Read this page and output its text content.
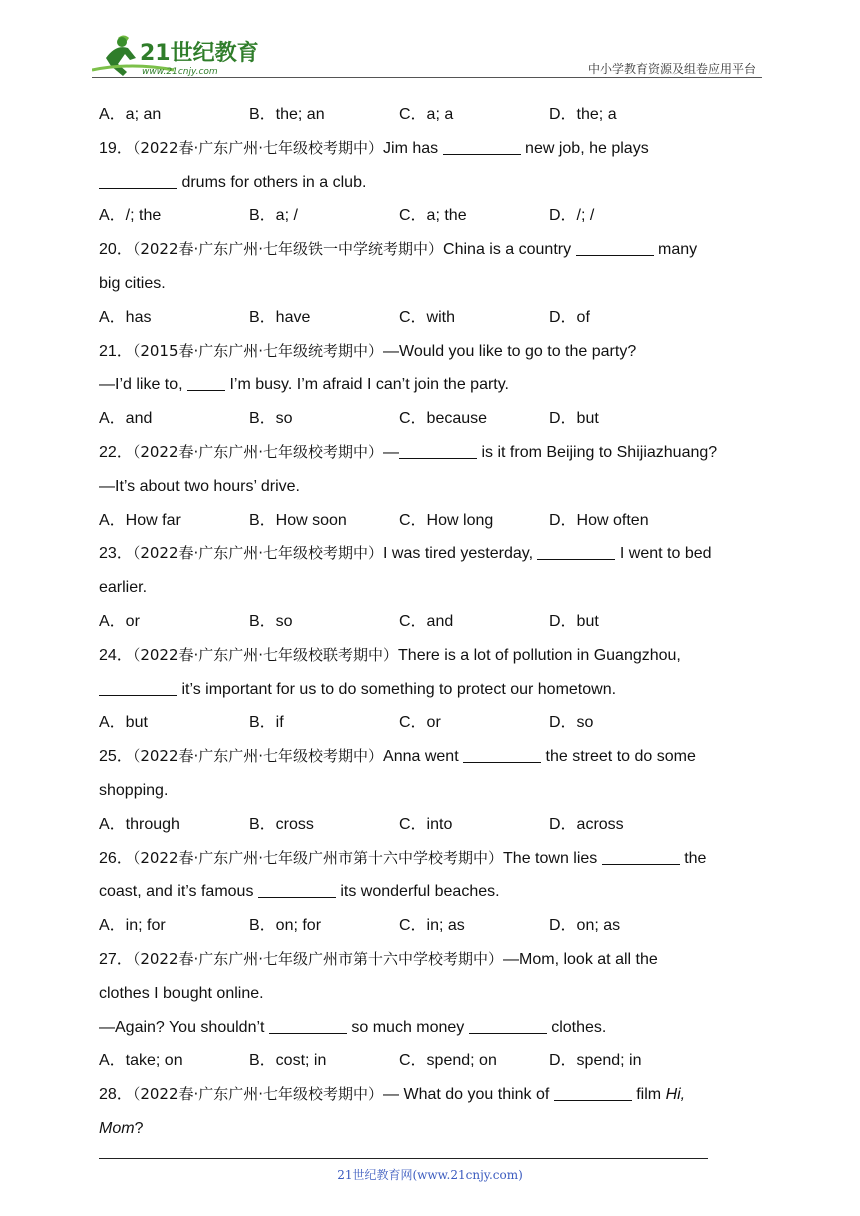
21世纪教育
www.21cnjy.com	中小学教育资源及组卷应用平台
A．a; an	B．the; an	C．a; a	D．the; a
19．（2022春·广东广州·七年级校考期中）Jim has	new job, he plays
drums for others in a club.
A．/; the	B．a; /	C．a; the	D．/; /
20．（2022春·广东广州·七年级铁一中学统考期中）China is a country	many
big cities.
A．has	B．have	C．with	D．of
21．（2015春·广东广州·七年级统考期中）—Would you like to go to the party?
—I’d like to,  I’m busy. I’m afraid I can’t join the party.
A．and	B．so	C．because	D．but
22．（2022春·广东广州·七年级校考期中）—	is it from Beijing to Shijiazhuang?
—It’s about two hours’ drive.
A．How far	B．How soon	C．How long	D．How often
23．（2022春·广东广州·七年级校考期中）I was tired yesterday,	I went to bed
earlier.
A．or	B．so	C．and	D．but
24．（2022春·广东广州·七年级校联考期中）There is a lot of pollution in Guangzhou,
it’s important for us to do something to protect our hometown.
A．but	B．if	C．or	D．so
25．（2022春·广东广州·七年级校考期中）Anna went	the street to do some
shopping.
A．through	B．cross	C．into	D．across
26．（2022春·广东广州·七年级广州市第十六中学校考期中）The town lies	the
coast, and it’s famous	its wonderful beaches.
A．in; for	B．on; for	C．in; as	D．on; as
27．（2022春·广东广州·七年级广州市第十六中学校考期中）—Mom, look at all the
clothes I bought online.
—Again? You shouldn’t	so much money	clothes.
A．take; on	B．cost; in	C．spend; on	D．spend; in
28．（2022春·广东广州·七年级校考期中）— What do you think of	film Hi,
Mom?
21世纪教育网(www.21cnjy.com)
